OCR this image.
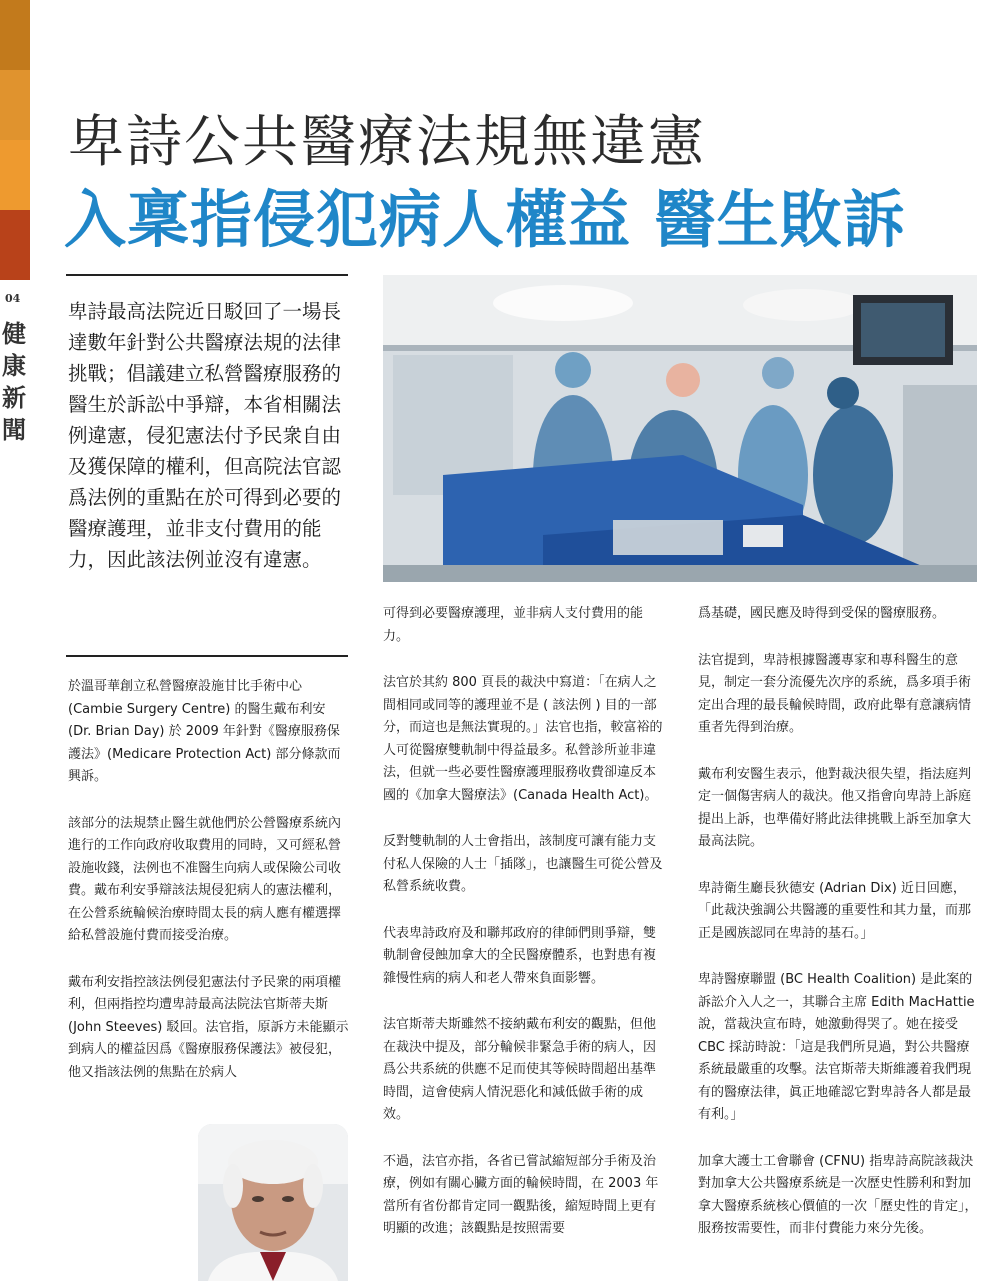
04
健康新聞
卑詩公共醫療法規無違憲
入稟指侵犯病人權益 醫生敗訴
卑詩最高法院近日駁回了一場長達數年針對公共醫療法規的法律挑戰；倡議建立私營醫療服務的醫生於訴訟中爭辯，本省相關法例違憲，侵犯憲法付予民衆自由及獲保障的權利，但高院法官認爲法例的重點在於可得到必要的醫療護理，並非支付費用的能力，因此該法例並沒有違憲。

於溫哥華創立私營醫療設施甘比手術中心 (Cambie Surgery Centre) 的醫生戴布利安 (Dr. Brian Day) 於 2009 年針對《醫療服務保護法》(Medicare Protection Act) 部分條款而興訴。

該部分的法規禁止醫生就他們於公營醫療系統內進行的工作向政府收取費用的同時，又可經私營設施收錢，法例也不准醫生向病人或保險公司收費。戴布利安爭辯該法規侵犯病人的憲法權利，在公營系統輪候治療時間太長的病人應有權選擇給私營設施付費而接受治療。

戴布利安指控該法例侵犯憲法付予民衆的兩項權利，但兩指控均遭卑詩最高法院法官斯蒂夫斯 (John Steeves) 駁回。法官指，原訴方未能顯示到病人的權益因爲《醫療服務保護法》被侵犯，他又指該法例的焦點在於病人

可得到必要醫療護理，並非病人支付費用的能力。

法官於其約 800 頁長的裁決中寫道：「在病人之間相同或同等的護理並不是 ( 該法例 ) 目的一部分，而這也是無法實現的。」法官也指，較富裕的人可從醫療雙軌制中得益最多。私營診所並非違法，但就一些必要性醫療護理服務收費卻違反本國的《加拿大醫療法》(Canada Health Act)。

反對雙軌制的人士會指出，該制度可讓有能力支付私人保險的人士「插隊」，也讓醫生可從公營及私營系統收費。

代表卑詩政府及和聯邦政府的律師們則爭辯，雙軌制會侵蝕加拿大的全民醫療體系，也對患有複雜慢性病的病人和老人帶來負面影響。

法官斯蒂夫斯雖然不接納戴布利安的觀點，但他在裁決中提及，部分輪候非緊急手術的病人，因爲公共系統的供應不足而使其等候時間超出基準時間，這會使病人情況惡化和減低做手術的成效。

不過，法官亦指，各省已嘗試縮短部分手術及治療，例如有關心臟方面的輪候時間，在 2003 年當所有省份都肯定同一觀點後，縮短時間上更有明顯的改進；該觀點是按照需要

爲基礎，國民應及時得到受保的醫療服務。

法官提到，卑詩根據醫護專家和專科醫生的意見，制定一套分流優先次序的系統，爲多項手術定出合理的最長輪候時間，政府此舉有意讓病情重者先得到治療。

戴布利安醫生表示，他對裁決很失望，指法庭判定一個傷害病人的裁決。他又指會向卑詩上訴庭提出上訴，也準備好將此法律挑戰上訴至加拿大最高法院。

卑詩衛生廳長狄德安 (Adrian Dix) 近日回應，「此裁決強調公共醫護的重要性和其力量，而那正是國族認同在卑詩的基石。」

卑詩醫療聯盟 (BC Health Coalition) 是此案的訴訟介入人之一，其聯合主席 Edith MacHattie 說，當裁決宣布時，她激動得哭了。她在接受 CBC 採訪時說：「這是我們所見過，對公共醫療系統最嚴重的攻擊。法官斯蒂夫斯維護着我們現有的醫療法律，眞正地確認它對卑詩各人都是最有利。」

加拿大護士工會聯會 (CFNU) 指卑詩高院該裁決對加拿大公共醫療系統是一次歷史性勝利和對加拿大醫療系統核心價値的一次「歷史性的肯定」，服務按需要性，而非付費能力來分先後。
